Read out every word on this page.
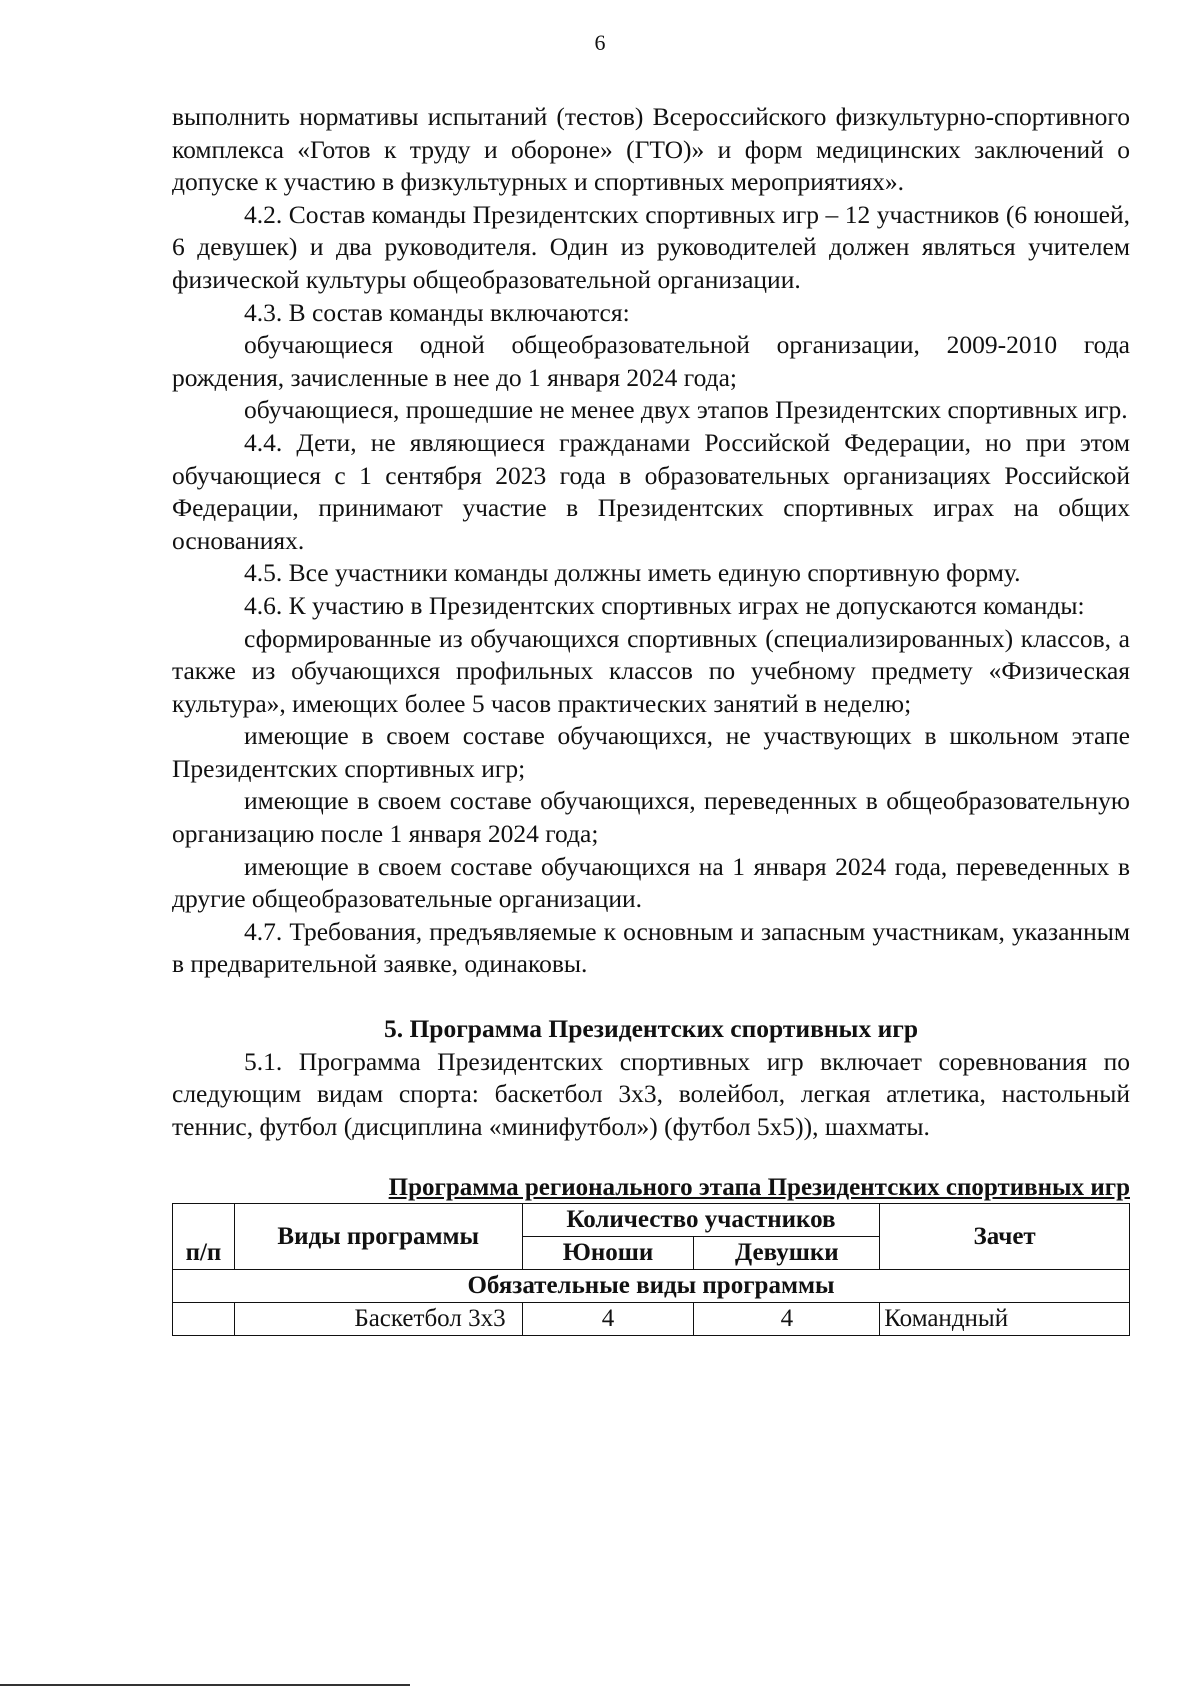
6

выполнить нормативы испытаний (тестов) Всероссийского физкультурно-спортивного комплекса «Готов к труду и обороне» (ГТО)» и форм медицинских заключений о допуске к участию в физкультурных и спортивных мероприятиях».

4.2. Состав команды Президентских спортивных игр – 12 участников (6 юношей, 6 девушек) и два руководителя. Один из руководителей должен являться учителем физической культуры общеобразовательной организации.

4.3. В состав команды включаются:

обучающиеся одной общеобразовательной организации, 2009-2010 года рождения, зачисленные в нее до 1 января 2024 года;

обучающиеся, прошедшие не менее двух этапов Президентских спортивных игр.

4.4. Дети, не являющиеся гражданами Российской Федерации, но при этом обучающиеся с 1 сентября 2023 года в образовательных организациях Российской Федерации, принимают участие в Президентских спортивных играх на общих основаниях.

4.5. Все участники команды должны иметь единую спортивную форму.

4.6. К участию в Президентских спортивных играх не допускаются команды:

сформированные из обучающихся спортивных (специализированных) классов, а также из обучающихся профильных классов по учебному предмету «Физическая культура», имеющих более 5 часов практических занятий в неделю;

имеющие в своем составе обучающихся, не участвующих в школьном этапе Президентских спортивных игр;

имеющие в своем составе обучающихся, переведенных в общеобразовательную организацию после 1 января 2024 года;

имеющие в своем составе обучающихся на 1 января 2024 года, переведенных в другие общеобразовательные организации.

4.7. Требования, предъявляемые к основным и запасным участникам, указанным в предварительной заявке, одинаковы.

5. Программа Президентских спортивных игр

5.1. Программа Президентских спортивных игр включает соревнования по следующим видам спорта: баскетбол 3х3, волейбол, легкая атлетика, настольный теннис, футбол (дисциплина «минифутбол») (футбол 5х5)), шахматы.

Программа регионального этапа Президентских спортивных игр

п/п	Виды программы	Количество участников		Зачет
		Юноши	Девушки	
Обязательные виды программы				
	Баскетбол 3х3	4	4	Командный
